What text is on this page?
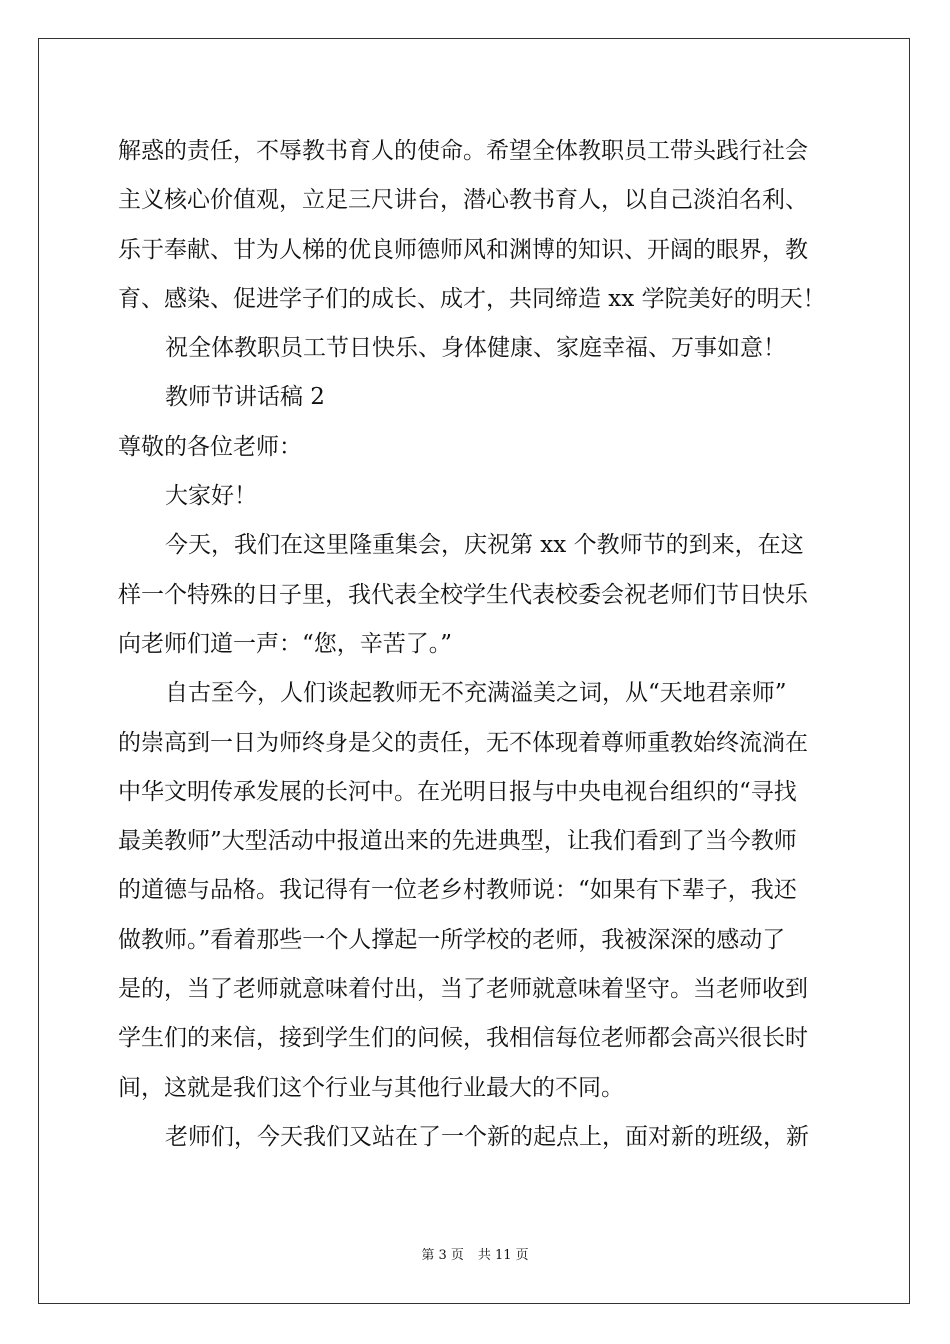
解惑的责任，不辱教书育人的使命。希望全体教职员工带头践行社会
主义核心价值观，立足三尺讲台，潜心教书育人，以自己淡泊名利、
乐于奉献、甘为人梯的优良师德师风和渊博的知识、开阔的眼界，教
育、感染、促进学子们的成长、成才，共同缔造 xx 学院美好的明天！
祝全体教职员工节日快乐、身体健康、家庭幸福、万事如意！
教师节讲话稿 2
尊敬的各位老师：
大家好！
今天，我们在这里隆重集会，庆祝第 xx 个教师节的到来，在这
样一个特殊的日子里，我代表全校学生代表校委会祝老师们节日快乐
向老师们道一声：“您，辛苦了。”
自古至今，人们谈起教师无不充满溢美之词，从“天地君亲师”
的崇高到一日为师终身是父的责任，无不体现着尊师重教始终流淌在
中华文明传承发展的长河中。在光明日报与中央电视台组织的“寻找
最美教师”大型活动中报道出来的先进典型，让我们看到了当今教师
的道德与品格。我记得有一位老乡村教师说：“如果有下辈子，我还
做教师。”看着那些一个人撑起一所学校的老师，我被深深的感动了
是的，当了老师就意味着付出，当了老师就意味着坚守。当老师收到
学生们的来信，接到学生们的问候，我相信每位老师都会高兴很长时
间，这就是我们这个行业与其他行业最大的不同。
老师们，今天我们又站在了一个新的起点上，面对新的班级，新
第 3 页 共 11 页
